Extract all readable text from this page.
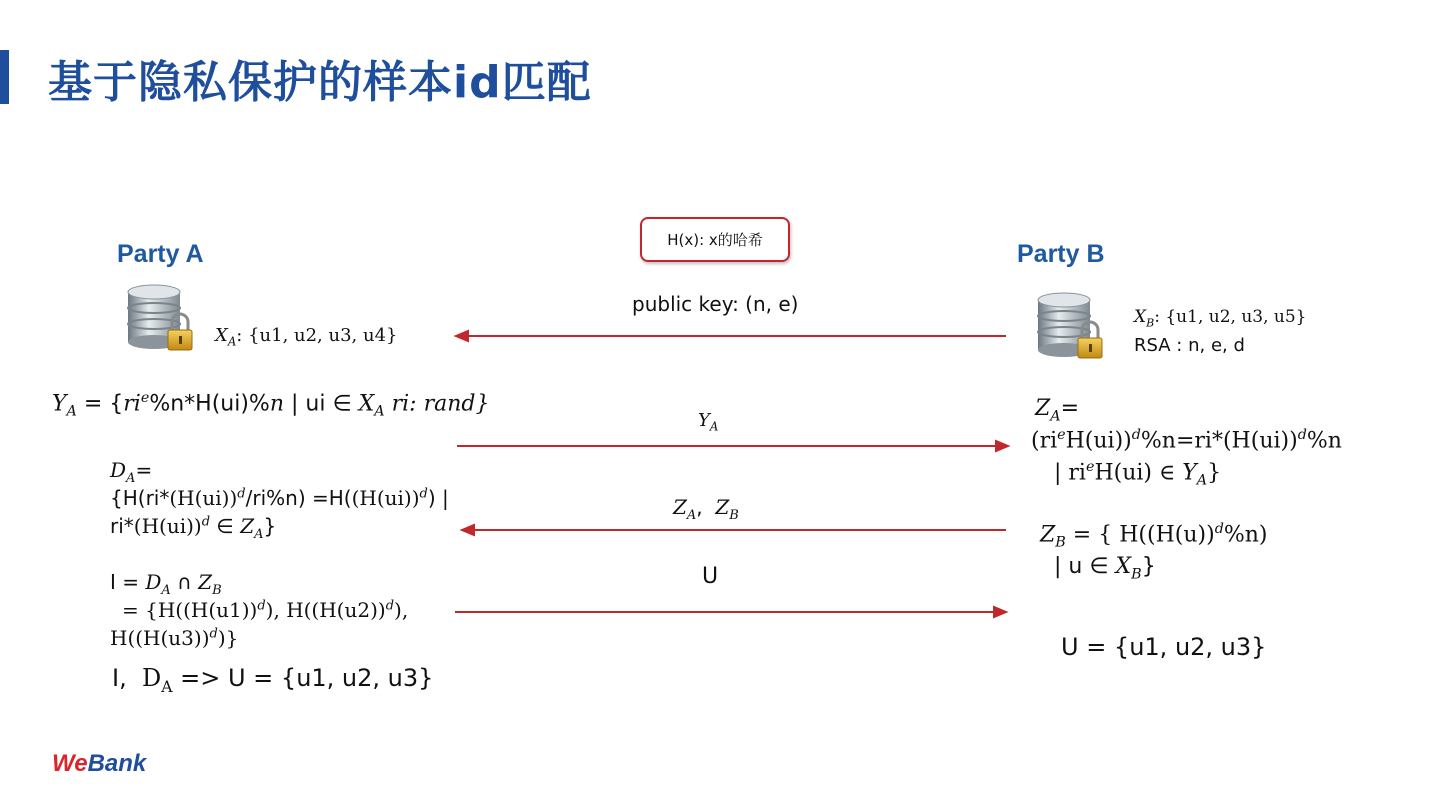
基于隐私保护的样本id匹配
H(x): x的哈希
Party A
$X_A$: {u1, u2, u3, u4}
Party B
$X_B$: {u1, u2, u3, u5}
RSA : n, e, d
public key: (n, e)
$Y_A$
$Z_A$,  $Z_B$
U
$Y_A = \{ri^e\%n*H(ui)\%n$ | ui ∈ $X_A$ ri: rand}
$D_A=$
{$H(ri*(H(ui))^d/ri\%n) =H((H(ui))^d)$ |
$ri*(H(ui))^d$ ∈ $Z_A$}
$I = D_A$ ∩ $Z_B$
= {$H((H(u1))^d)$, $H((H(u2))^d)$,
$H((H(u3))^d)$}
I, $D_A => U = \{u1$, u2, u3}
$Z_A=$
$(ri^eH(ui))^d\%n=ri*(H(ui))^d\%n$
| $ri^eH(ui)$ ∈ $Y_A$}
$Z_B$ = { $H((H(u))^d\%n)$
| u ∈ $X_B$}
U = {u1, u2, u3}
WeBank
